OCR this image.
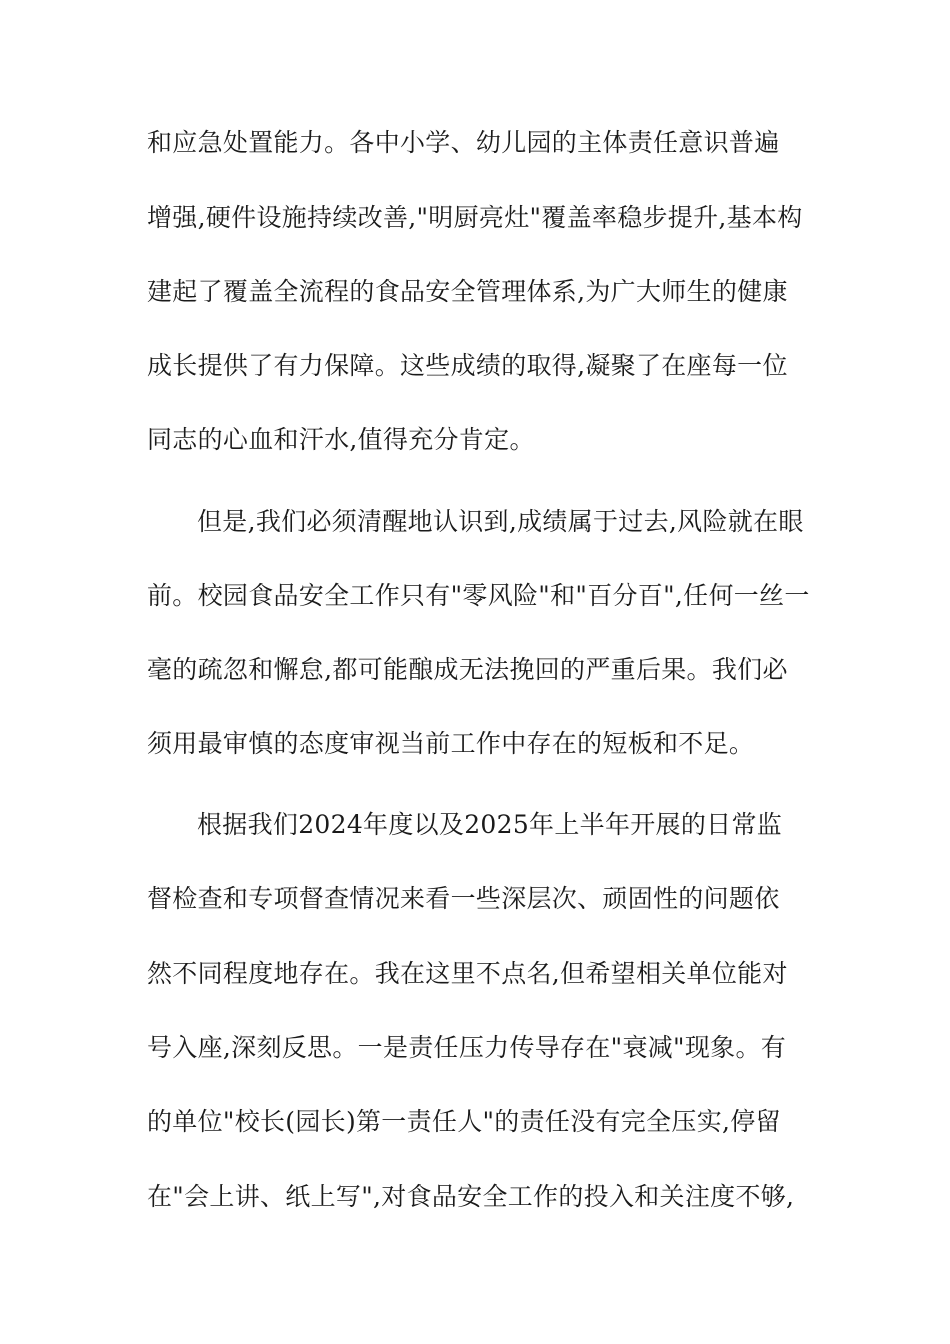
和应急处置能力。各中小学、幼儿园的主体责任意识普遍

增强,硬件设施持续改善,"明厨亮灶"覆盖率稳步提升,基本构

建起了覆盖全流程的食品安全管理体系,为广大师生的健康

成长提供了有力保障。这些成绩的取得,凝聚了在座每一位

同志的心血和汗水,值得充分肯定。

但是,我们必须清醒地认识到,成绩属于过去,风险就在眼

前。校园食品安全工作只有"零风险"和"百分百",任何一丝一

毫的疏忽和懈怠,都可能酿成无法挽回的严重后果。我们必

须用最审慎的态度审视当前工作中存在的短板和不足。

根据我们2024年度以及2025年上半年开展的日常监

督检查和专项督查情况来看一些深层次、顽固性的问题依

然不同程度地存在。我在这里不点名,但希望相关单位能对

号入座,深刻反思。一是责任压力传导存在"衰减"现象。有

的单位"校长(园长)第一责任人"的责任没有完全压实,停留

在"会上讲、纸上写",对食品安全工作的投入和关注度不够,
